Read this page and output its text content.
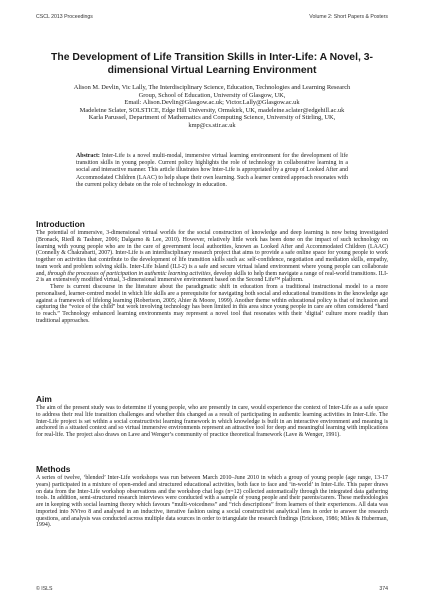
CSCL 2013 Proceedings	Volume 2: Short Papers & Posters
The Development of Life Transition Skills in Inter-Life: A Novel, 3-dimensional Virtual Learning Environment
Alison M. Devlin, Vic Lally, The Interdisciplinary Science, Education, Technologies and Learning Research
Group, School of Education, University of Glasgow, UK,
Email: Alison.Devlin@Glasgow.ac.uk; Victor.Lally@Glasgow.ac.uk
Madeleine Sclater, SOLSTICE, Edge Hill University, Ormskirk, UK, madeleine.sclater@edgehill.ac.uk
Karla Parussel, Department of Mathematics and Computing Science, University of Stirling, UK,
kmp@cs.stir.ac.uk
Abstract: Inter-Life is a novel multi-modal, immersive virtual learning environment for the development of life transition skills in young people. Current policy highlights the role of technology in collaborative learning in a social and interactive manner. This article illustrates how Inter-Life is appropriated by a group of Looked After and Accommodated Children (LAAC) to help shape their own learning. Such a learner centred approach resonates with the current policy debate on the role of technology in education.
Introduction

The potential of immersive, 3-dimensional virtual worlds for the social construction of knowledge and deep learning is now being investigated (Bronack, Riedl & Tashner, 2006; Dalgarno & Lee, 2010). However, relatively little work has been done on the impact of such technology on learning with young people who are in the care of government local authorities, known as Looked After and Accommodated Children (LAAC) (Connelly & Chakrabarti, 2007). Inter-Life is an interdisciplinary research project that aims to provide a safe online space for young people to work together on activities that contribute to the development of life transition skills such as: self-confidence, negotiation and mediation skills, empathy, team work and problem solving skills. Inter-Life Island (ILI-2) is a safe and secure virtual island environment where young people can collaborate and, through the processes of participation in authentic learning activities, develop skills to help them navigate a range of real-world transitions. ILI-2 is an extensively modified virtual, 3-dimensional immersive environment based on the Second Life™ platform.

There is current discourse in the literature about the paradigmatic shift in education from a traditional instructional model to a more personalised, learner-centred model in which life skills are a prerequisite for navigating both social and educational transitions in the knowledge age against a framework of lifelong learning (Robertson, 2005; Ahier & Moore, 1999). Another theme within educational policy is that of inclusion and capturing the “voice of the child” but work involving technology has been limited in this area since young people in care are often considered “hard to reach.” Technology enhanced learning environments may represent a novel tool that resonates with their ‘digital’ culture more readily than traditional approaches.

Aim

The aim of the present study was to determine if young people, who are presently in care, would experience the context of Inter-Life as a safe space to address their real life transition challenges and whether this changed as a result of participating in authentic learning activities in Inter-Life. The Inter-Life project is set within a social constructivist learning framework in which knowledge is built in an interactive environment and meaning is anchored in a situated context and so virtual immersive environments represent an attractive tool for deep and meaningful learning with implications for real-life. The project also draws on Lave and Wenger’s community of practice theoretical framework (Lave & Wenger, 1991).

Methods

A series of twelve, ‘blended’ Inter-Life workshops was run between March 2010–June 2010 in which a group of young people (age range, 13-17 years) participated in a mixture of open-ended and structured educational activities, both face to face and ‘in-world’ in Inter-Life. This paper draws on data from the Inter-Life workshop observations and the workshop chat logs (n=12) collected automatically through the integrated data gathering tools. In addition, semi-structured research interviews were conducted with a sample of young people and their parents/carers. These methodologies are in keeping with social learning theory which favours “multi-voicedness” and “rich descriptions” from learners of their experiences. All data was imported into NVivo 8 and analysed in an inductive, iterative fashion using a social constructivist analytical lens in order to answer the research questions, and analysis was conducted across multiple data sources in order to triangulate the research findings (Erickson, 1986; Miles & Huberman, 1994).

© ISLS	374
